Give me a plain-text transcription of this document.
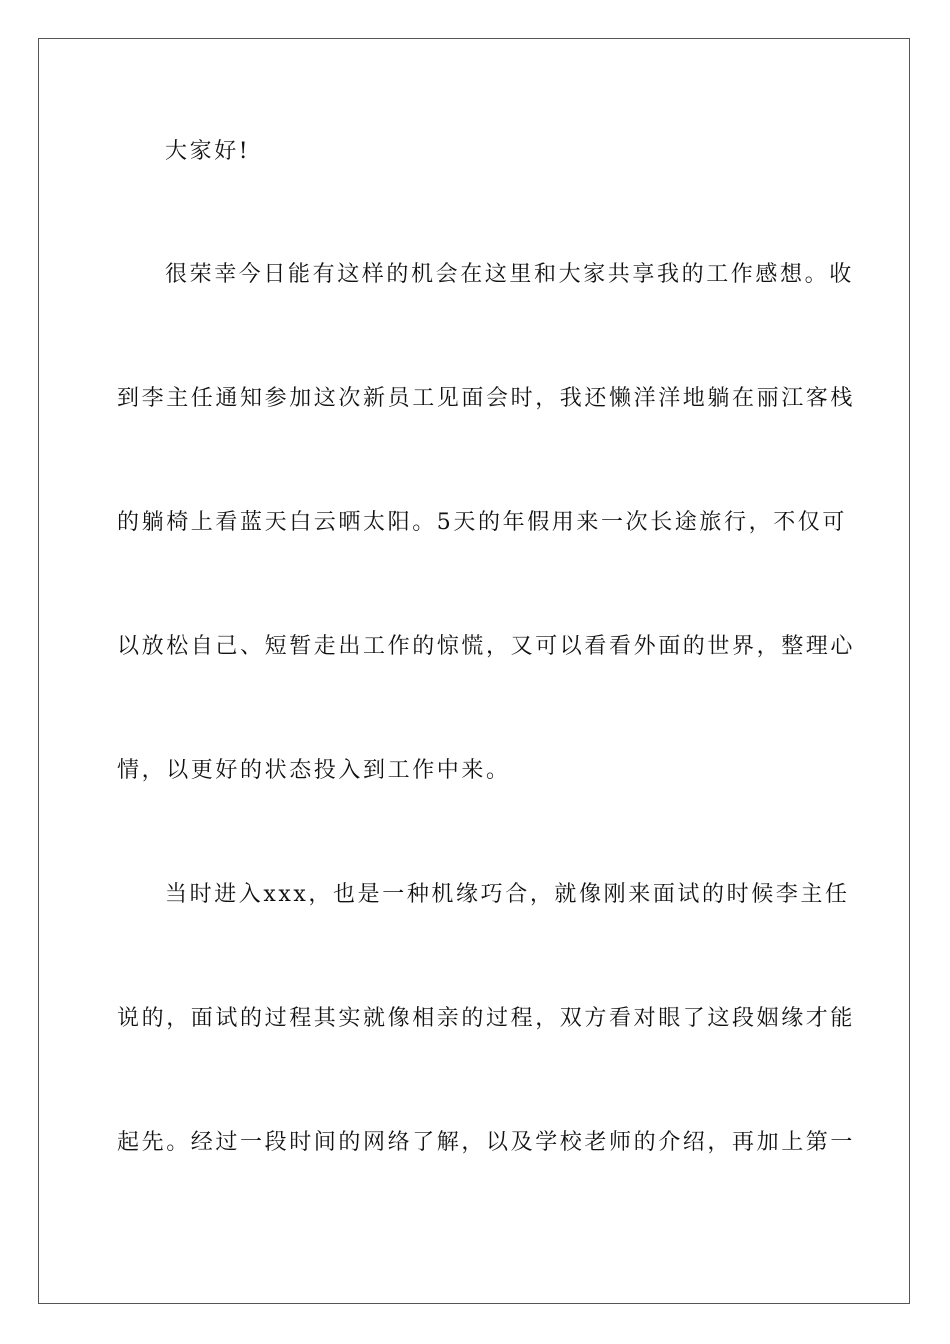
大家好!
很荣幸今日能有这样的机会在这里和大家共享我的工作感想。收
到李主任通知参加这次新员工见面会时，我还懒洋洋地躺在丽江客栈
的躺椅上看蓝天白云晒太阳。5天的年假用来一次长途旅行，不仅可
以放松自己、短暂走出工作的惊慌，又可以看看外面的世界，整理心
情，以更好的状态投入到工作中来。
当时进入xxx，也是一种机缘巧合，就像刚来面试的时候李主任
说的，面试的过程其实就像相亲的过程，双方看对眼了这段姻缘才能
起先。经过一段时间的网络了解，以及学校老师的介绍，再加上第一
